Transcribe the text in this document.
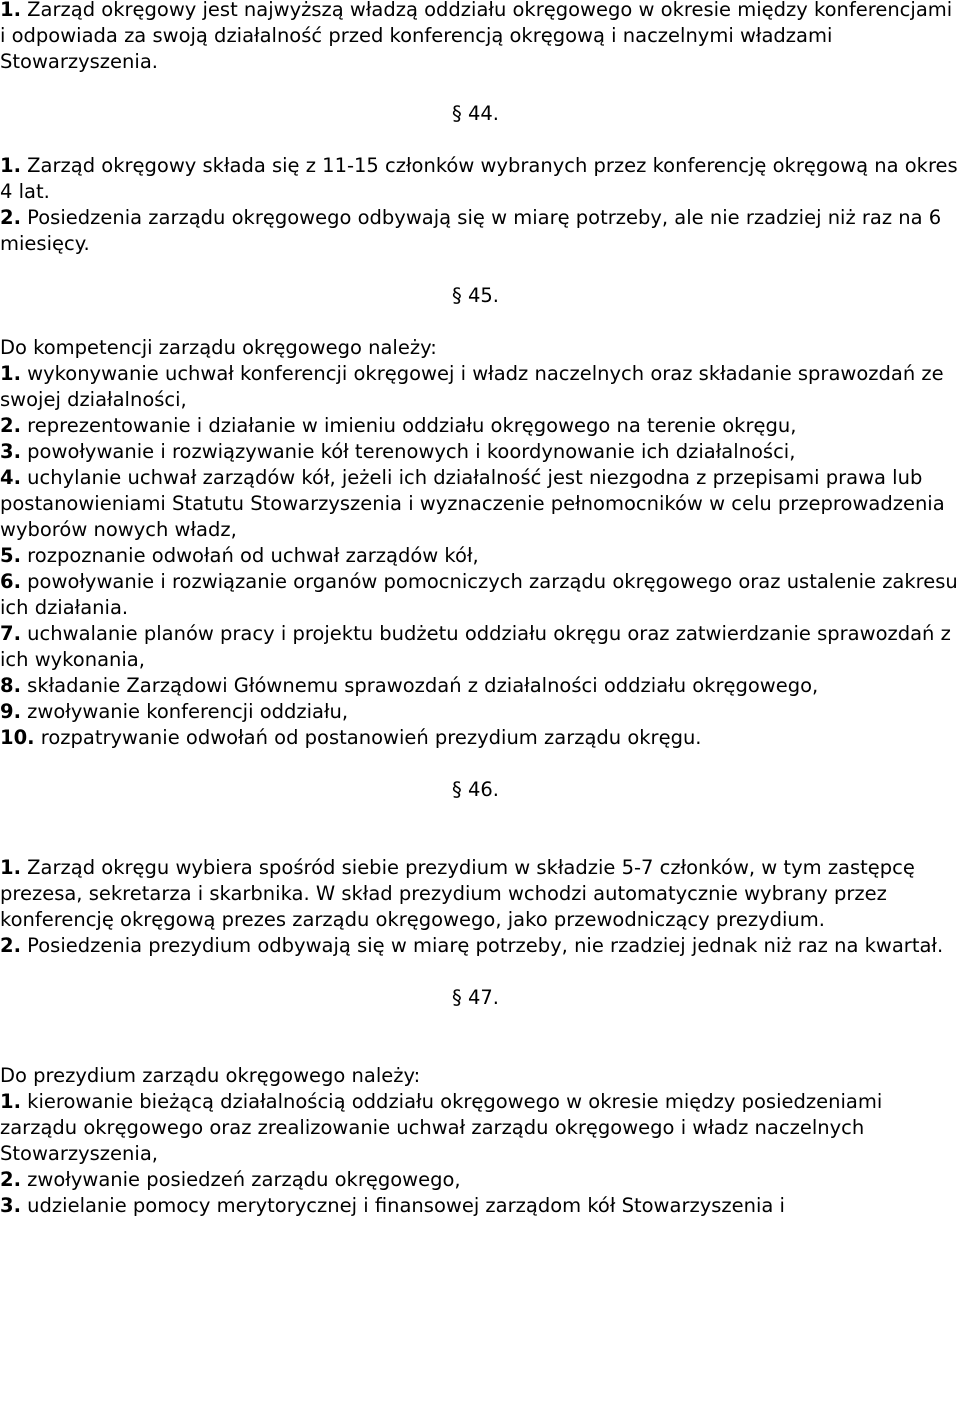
1. Zarząd okręgowy jest najwyższą władzą oddziału okręgowego w okresie między konferencjami i odpowiada za swoją działalność przed konferencją okręgową i naczelnymi władzami Stowarzyszenia.

§ 44.

1. Zarząd okręgowy składa się z 11-15 członków wybranych przez konferencję okręgową na okres 4 lat.

2. Posiedzenia zarządu okręgowego odbywają się w miarę potrzeby, ale nie rzadziej niż raz na 6 miesięcy.

§ 45.

Do kompetencji zarządu okręgowego należy:

1. wykonywanie uchwał konferencji okręgowej i władz naczelnych oraz składanie sprawozdań ze swojej działalności,

2. reprezentowanie i działanie w imieniu oddziału okręgowego na terenie okręgu,

3. powoływanie i rozwiązywanie kół terenowych i koordynowanie ich działalności,

4. uchylanie uchwał zarządów kół, jeżeli ich działalność jest niezgodna z przepisami prawa lub postanowieniami Statutu Stowarzyszenia i wyznaczenie pełnomocników w celu przeprowadzenia wyborów nowych władz,

5. rozpoznanie odwołań od uchwał zarządów kół,

6. powoływanie i rozwiązanie organów pomocniczych zarządu okręgowego oraz ustalenie zakresu ich działania.

7. uchwalanie planów pracy i projektu budżetu oddziału okręgu oraz zatwierdzanie sprawozdań z ich wykonania,

8. składanie Zarządowi Głównemu sprawozdań z działalności oddziału okręgowego,

9. zwoływanie konferencji oddziału,

10. rozpatrywanie odwołań od postanowień prezydium zarządu okręgu.

§ 46.

1. Zarząd okręgu wybiera spośród siebie prezydium w składzie 5-7 członków, w tym zastępcę prezesa, sekretarza i skarbnika. W skład prezydium wchodzi automatycznie wybrany przez konferencję okręgową prezes zarządu okręgowego, jako przewodniczący prezydium.

2. Posiedzenia prezydium odbywają się w miarę potrzeby, nie rzadziej jednak niż raz na kwartał.

§ 47.

Do prezydium zarządu okręgowego należy:

1. kierowanie bieżącą działalnością oddziału okręgowego w okresie między posiedzeniami zarządu okręgowego oraz zrealizowanie uchwał zarządu okręgowego i władz naczelnych Stowarzyszenia,

2. zwoływanie posiedzeń zarządu okręgowego,

3. udzielanie pomocy merytorycznej i finansowej zarządom kół Stowarzyszenia i
